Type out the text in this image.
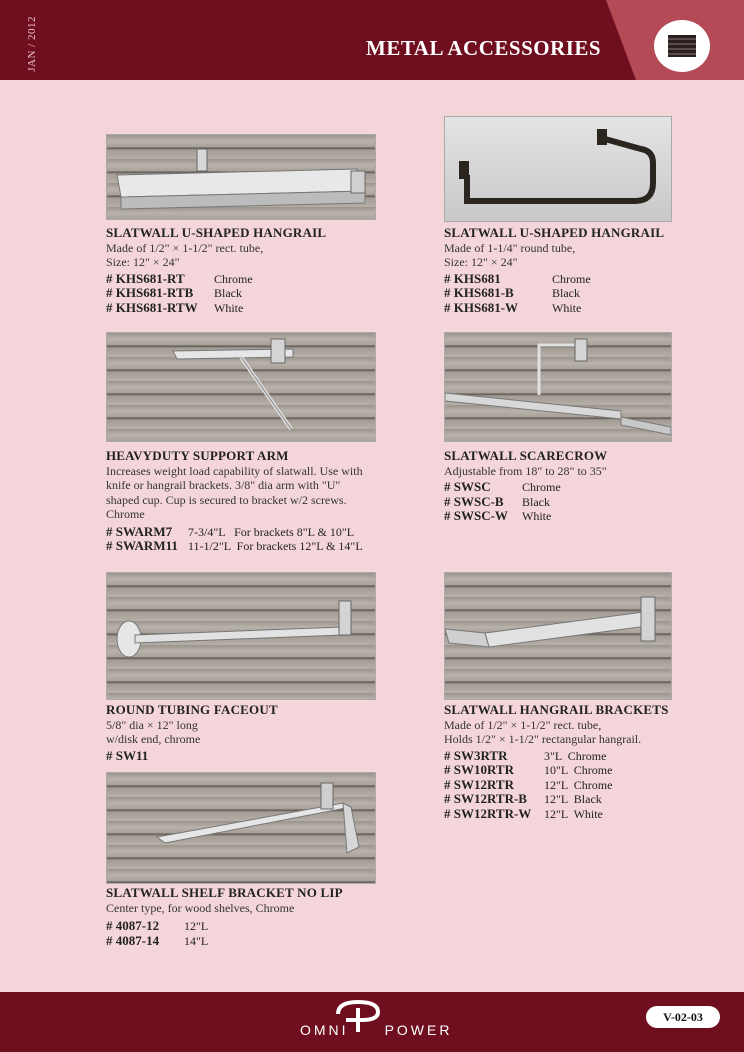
JAN / 2012	METAL ACCESSORIES
SLATWALL U-SHAPED HANGRAIL
Made of 1/2" × 1-1/2" rect. tube,
Size: 12" × 24"
# KHS681-RT	Chrome
# KHS681-RTB	Black
# KHS681-RTW	White
SLATWALL U-SHAPED HANGRAIL
Made of 1-1/4" round tube,
Size: 12" × 24"
# KHS681	Chrome
# KHS681-B	Black
# KHS681-W	White
HEAVYDUTY SUPPORT ARM
Increases weight load capability of slatwall. Use with
knife or hangrail brackets. 3/8" dia arm with "U"
shaped cup. Cup is secured to bracket w/2 screws.
Chrome
# SWARM7	7-3/4"L   For brackets 8"L & 10"L
# SWARM11 11-1/2"L  For brackets 12"L & 14"L
SLATWALL SCARECROW
Adjustable from 18" to 28" to 35"
# SWSC	Chrome
# SWSC-B	Black
# SWSC-W	White
ROUND TUBING FACEOUT
5/8" dia × 12" long
w/disk end, chrome
# SW11
SLATWALL HANGRAIL BRACKETS
Made of 1/2" × 1-1/2" rect. tube,
Holds 1/2" × 1-1/2" rectangular hangrail.
# SW3RTR	3"L  Chrome
# SW10RTR	10"L  Chrome
# SW12RTR	12"L  Chrome
# SW12RTR-B	12"L  Black
# SW12RTR-W	12"L  White
SLATWALL SHELF BRACKET NO LIP
Center type, for wood shelves, Chrome
# 4087-12	12"L
# 4087-14	14"L
OMNI	POWER
V-02-03
